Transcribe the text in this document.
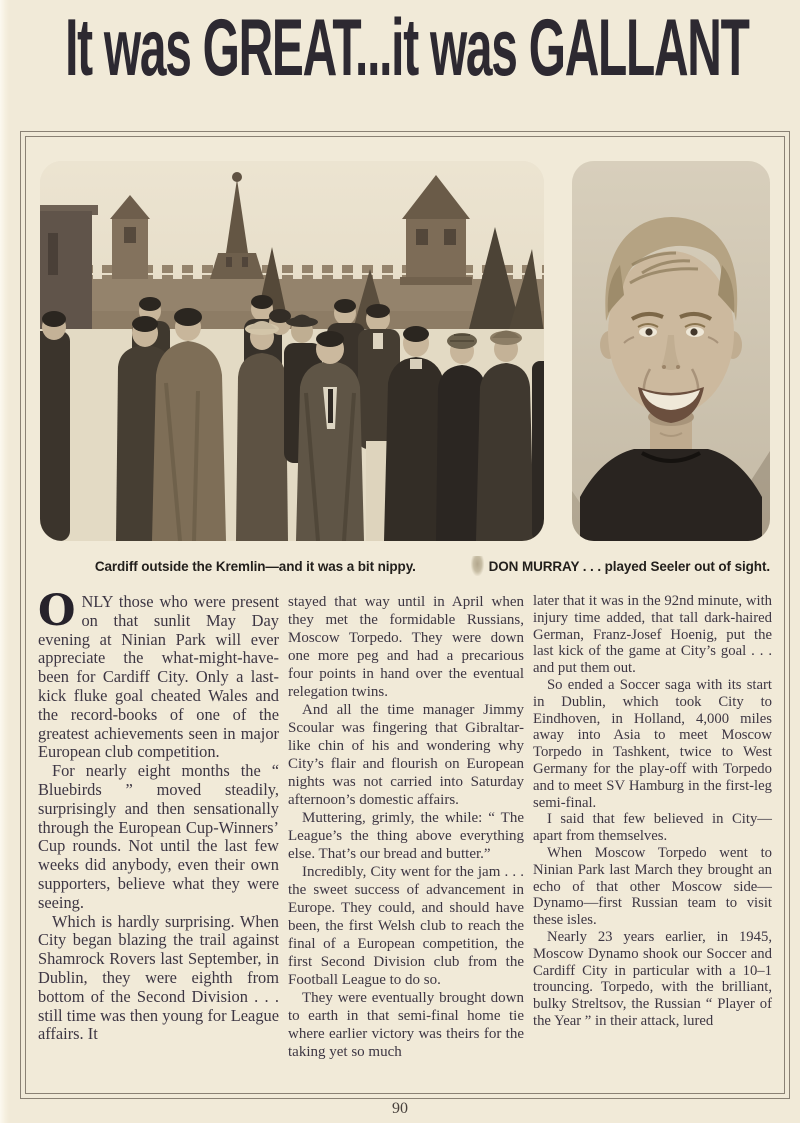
It was GREAT...it was GALLANT
Cardiff outside the Kremlin—and it was a bit nippy.	DON MURRAY . . . played Seeler out of sight.

ONLY those who were present on that sunlit May Day evening at Ninian Park will ever appreciate the what-might-have-been for Cardiff City. Only a last-kick fluke goal cheated Wales and the record-books of one of the greatest achievements seen in major European club competition.

For nearly eight months the “ Bluebirds ” moved steadily, surprisingly and then sensationally through the European Cup-Winners’ Cup rounds. Not until the last few weeks did anybody, even their own supporters, believe what they were seeing.

Which is hardly surprising. When City began blazing the trail against Shamrock Rovers last September, in Dublin, they were eighth from bottom of the Second Division . . . still time was then young for League affairs. It

stayed that way until in April when they met the formidable Russians, Moscow Torpedo. They were down one more peg and had a precarious four points in hand over the eventual relegation twins.

And all the time manager Jimmy Scoular was fingering that Gibraltar-like chin of his and wondering why City’s flair and flourish on European nights was not carried into Saturday afternoon’s domestic affairs.

Muttering, grimly, the while: “ The League’s the thing above everything else. That’s our bread and butter.”

Incredibly, City went for the jam . . . the sweet success of advancement in Europe. They could, and should have been, the first Welsh club to reach the final of a European competition, the first Second Division club from the Football League to do so.

They were eventually brought down to earth in that semi-final home tie where earlier victory was theirs for the taking yet so much

later that it was in the 92nd minute, with injury time added, that tall dark-haired German, Franz-Josef Hoenig, put the last kick of the game at City’s goal . . . and put them out.

So ended a Soccer saga with its start in Dublin, which took City to Eindhoven, in Holland, 4,000 miles away into Asia to meet Moscow Torpedo in Tashkent, twice to West Germany for the play-off with Torpedo and to meet SV Hamburg in the first-leg semi-final.

I said that few believed in City—apart from themselves.

When Moscow Torpedo went to Ninian Park last March they brought an echo of that other Moscow side—Dynamo—first Russian team to visit these isles.

Nearly 23 years earlier, in 1945, Moscow Dynamo shook our Soccer and Cardiff City in particular with a 10–1 trouncing. Torpedo, with the brilliant, bulky Streltsov, the Russian “ Player of the Year ” in their attack, lured

90
